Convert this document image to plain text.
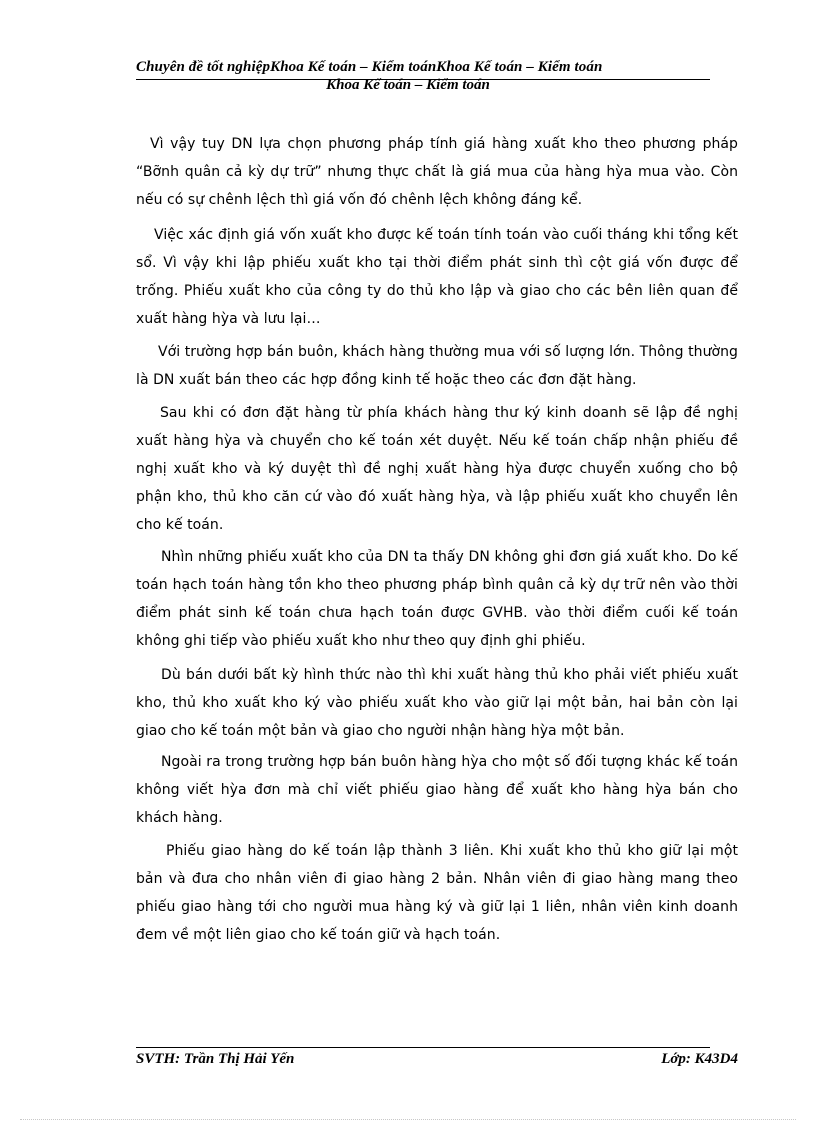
Chuyên đề tốt nghiệpKhoa Kế toán – Kiểm toánKhoa Kế toán – Kiểm toán
Khoa Kế toán – Kiểm toán

Vì vậy tuy DN lựa chọn phương pháp tính giá hàng xuất kho theo phương pháp “Bỡnh quân cả kỳ dự trữ” nhưng thực chất là giá mua của hàng hỳa mua vào. Còn nếu có sự chênh lệch thì giá vốn đó chênh lệch không đáng kể.

Việc xác định giá vốn xuất kho được kế toán tính toán vào cuối tháng khi tổng kết sổ. Vì vậy khi lập phiếu xuất kho tại thời điểm phát sinh thì cột giá vốn được để trống. Phiếu xuất kho của công ty do thủ kho lập và giao cho các bên liên quan để xuất hàng hỳa và lưu lại…

Với trường hợp bán buôn, khách hàng thường mua với số lượng lớn. Thông thường là DN xuất bán theo các hợp đồng kinh tế hoặc theo các đơn đặt hàng.

Sau khi có đơn đặt hàng từ phía khách hàng thư ký kinh doanh sẽ lập đề nghị xuất hàng hỳa và chuyển cho kế toán xét duyệt. Nếu kế toán chấp nhận phiếu đề nghị xuất kho và ký duyệt thì đề nghị xuất hàng hỳa được chuyển xuống cho bộ phận kho, thủ kho căn cứ vào đó xuất hàng hỳa, và lập phiếu xuất kho chuyển lên cho kế toán.

Nhìn những phiếu xuất kho của DN ta thấy DN không ghi đơn giá xuất kho. Do kế toán hạch toán hàng tồn kho theo phương pháp bình quân cả kỳ dự trữ nên vào thời điểm phát sinh kế toán chưa hạch toán được GVHB. vào thời điểm cuối kế toán không ghi tiếp vào phiếu xuất kho như theo quy định ghi phiếu.

Dù bán dưới bất kỳ hình thức nào thì khi xuất hàng thủ kho phải viết phiếu xuất kho, thủ kho xuất kho ký vào phiếu xuất kho vào giữ lại một bản, hai bản còn lại giao cho kế toán một bản và giao cho người nhận hàng hỳa một bản.

Ngoài ra trong trường hợp bán buôn hàng hỳa cho một số đối tượng khác kế toán không viết hỳa đơn mà chỉ viết phiếu giao hàng để xuất kho hàng hỳa bán cho khách hàng.

Phiếu giao hàng do kế toán lập thành 3 liên. Khi xuất kho thủ kho giữ lại một bản và đưa cho nhân viên đi giao hàng 2 bản. Nhân viên đi giao hàng mang theo phiếu giao hàng tới cho người mua hàng ký và giữ lại 1 liên, nhân viên kinh doanh đem về một liên giao cho kế toán giữ và hạch toán.

SVTH: Trần Thị Hải Yến	Lớp: K43D4
